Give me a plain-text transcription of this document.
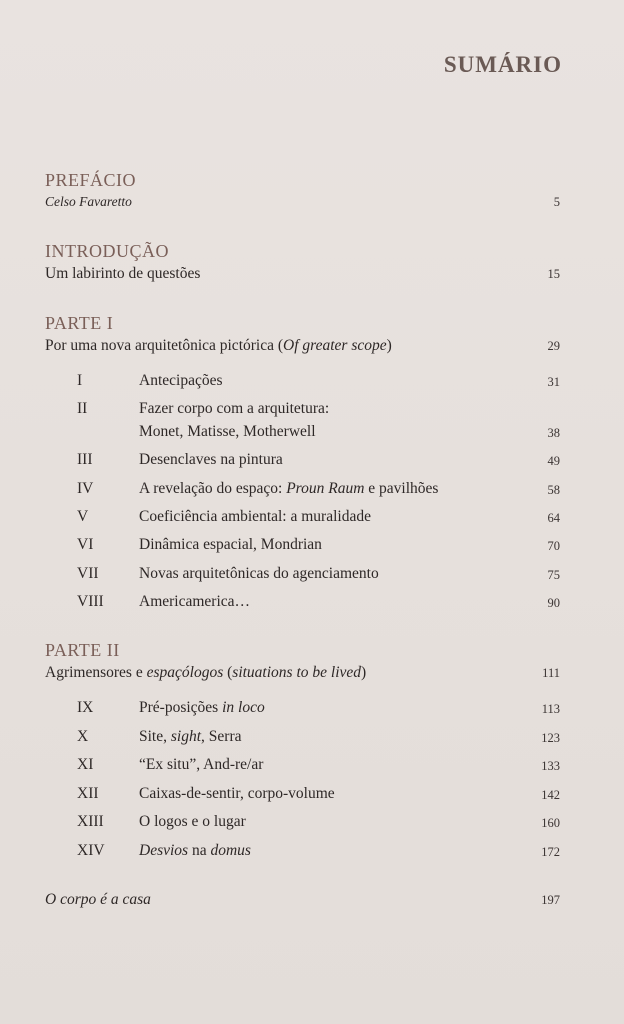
SUMÁRIO
PREFÁCIO
Celso Favaretto	5
INTRODUÇÃO
Um labirinto de questões	15
PARTE I
Por uma nova arquitetônica pictórica (Of greater scope)	29
I	Antecipações	31
II	Fazer corpo com a arquitetura:
Monet, Matisse, Motherwell	38
III	Desenclaves na pintura	49
IV	A revelação do espaço: Proun Raum e pavilhões	58
V	Coeficiência ambiental: a muralidade	64
VI	Dinâmica espacial, Mondrian	70
VII	Novas arquitetônicas do agenciamento	75
VIII Americamerica…	90
PARTE II
Agrimensores e espaçólogos (situations to be lived)	111
IX	Pré-posições in loco	113
X	Site, sight, Serra	123
XI	“Ex situ”, And-re/ar	133
XII	Caixas-de-sentir, corpo-volume	142
XIII O logos e o lugar	160
XIV Desvios na domus	172
O corpo é a casa	197
